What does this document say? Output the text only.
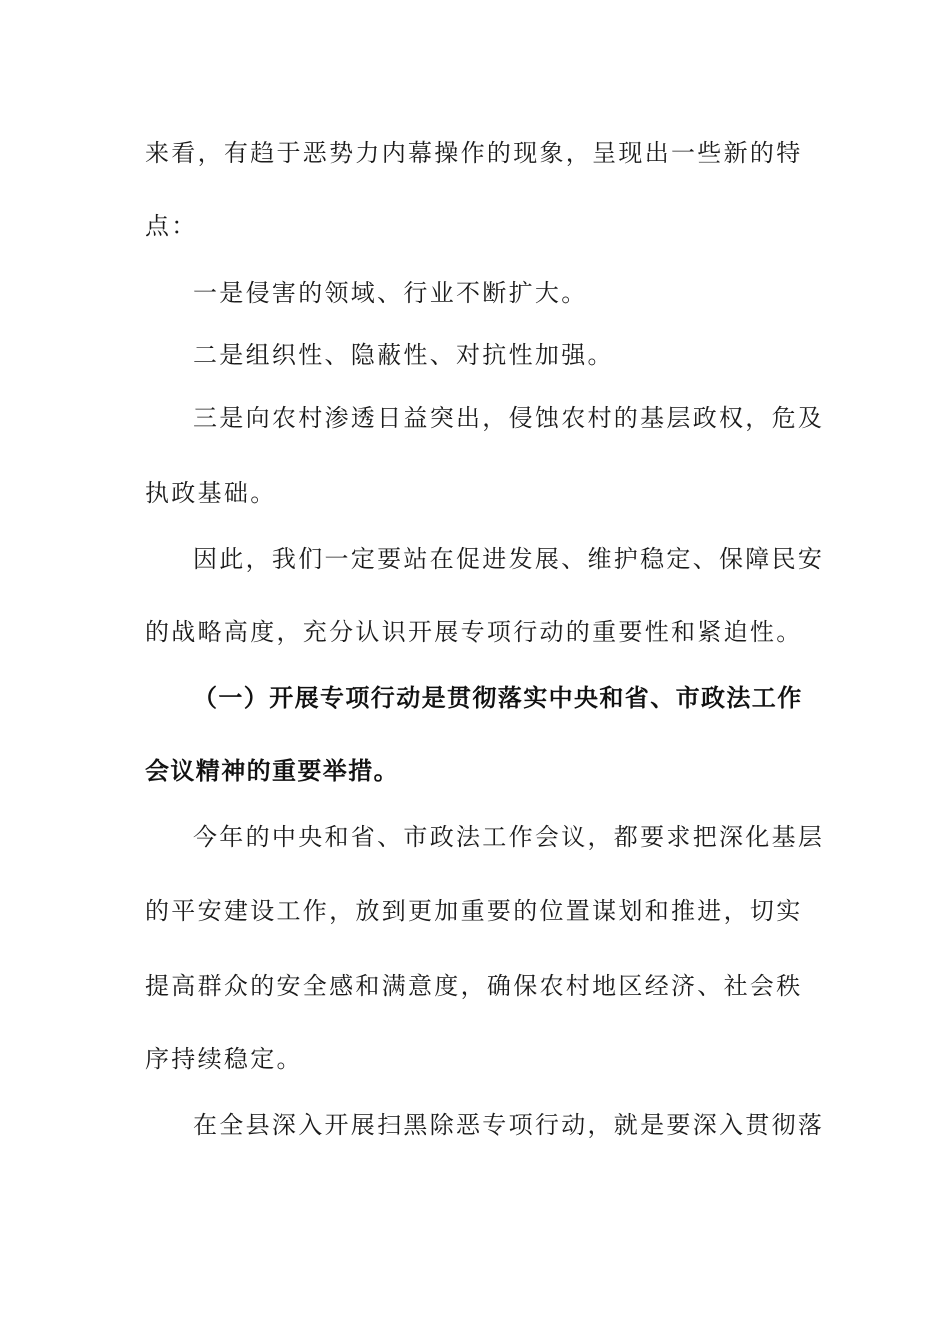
来看，有趋于恶势力内幕操作的现象，呈现出一些新的特
点：
一是侵害的领域、行业不断扩大。
二是组织性、隐蔽性、对抗性加强。
三是向农村渗透日益突出，侵蚀农村的基层政权，危及
执政基础。
因此，我们一定要站在促进发展、维护稳定、保障民安
的战略高度，充分认识开展专项行动的重要性和紧迫性。
（一）开展专项行动是贯彻落实中央和省、市政法工作
会议精神的重要举措。
今年的中央和省、市政法工作会议，都要求把深化基层
的平安建设工作，放到更加重要的位置谋划和推进，切实
提高群众的安全感和满意度，确保农村地区经济、社会秩
序持续稳定。
在全县深入开展扫黑除恶专项行动，就是要深入贯彻落
